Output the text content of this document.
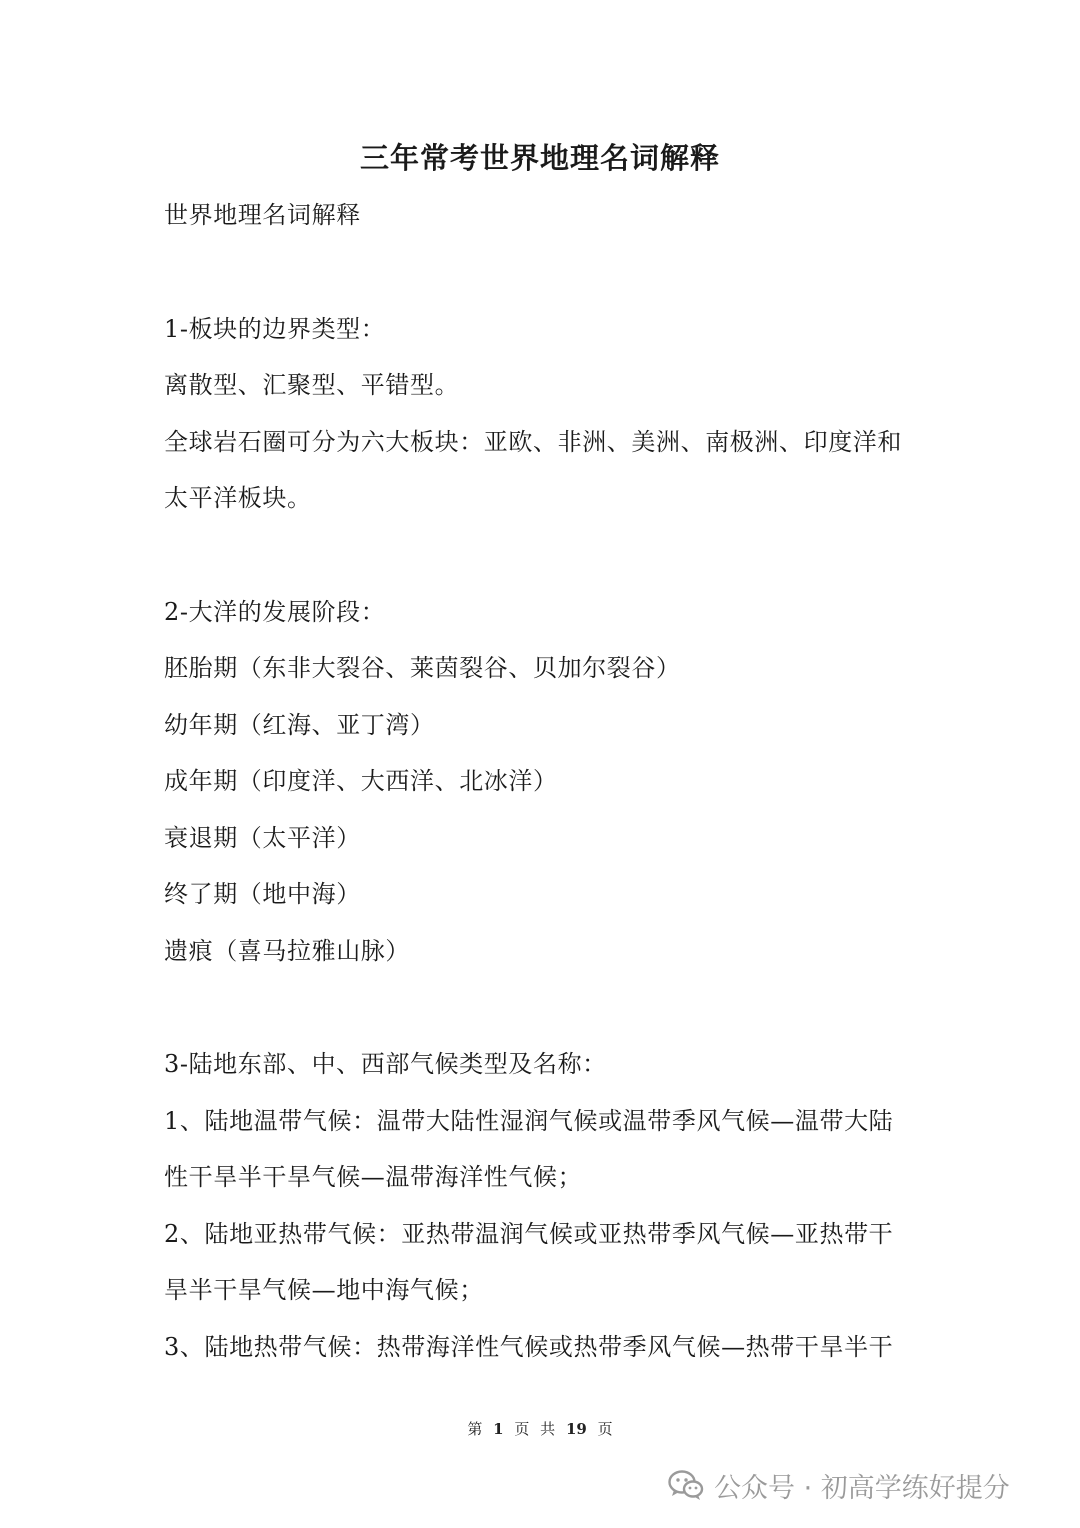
三年常考世界地理名词解释
世界地理名词解释
1-板块的边界类型：
离散型、汇聚型、平错型。
全球岩石圈可分为六大板块：亚欧、非洲、美洲、南极洲、印度洋和
太平洋板块。
2-大洋的发展阶段：
胚胎期（东非大裂谷、莱茵裂谷、贝加尔裂谷）
幼年期（红海、亚丁湾）
成年期（印度洋、大西洋、北冰洋）
衰退期（太平洋）
终了期（地中海）
遗痕（喜马拉雅山脉）
3-陆地东部、中、西部气候类型及名称：
1、陆地温带气候：温带大陆性湿润气候或温带季风气候—温带大陆
性干旱半干旱气候—温带海洋性气候；
2、陆地亚热带气候：亚热带温润气候或亚热带季风气候—亚热带干
旱半干旱气候—地中海气候；
3、陆地热带气候：热带海洋性气候或热带季风气候—热带干旱半干
第 1 页 共 19 页
公众号 · 初高学练好提分
